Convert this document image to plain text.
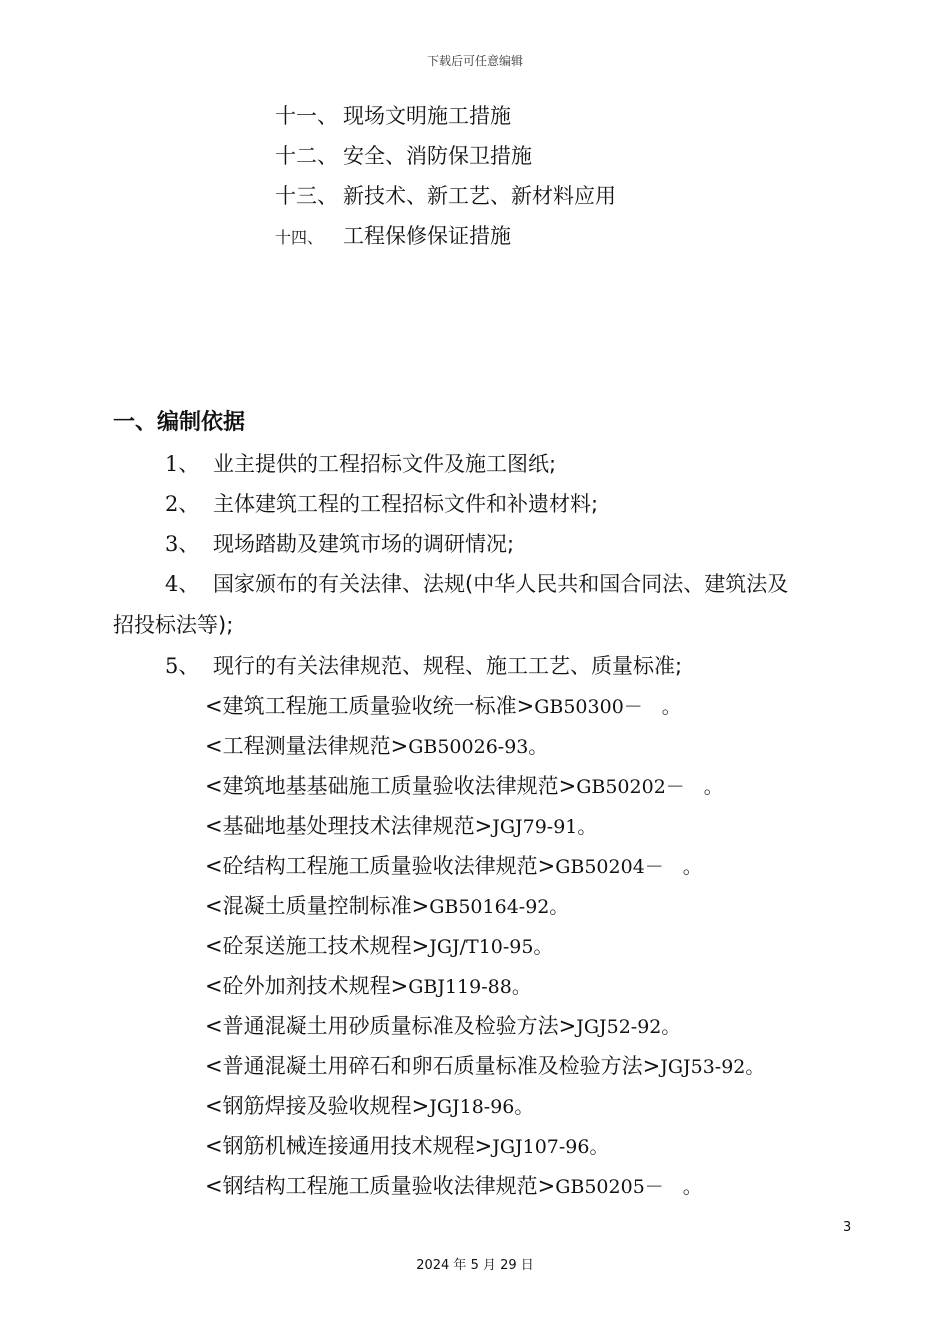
下载后可任意编辑
十一、 现场文明施工措施
十二、 安全、消防保卫措施
十三、 新技术、新工艺、新材料应用
十四、 工程保修保证措施
一、编制依据
1、 业主提供的工程招标文件及施工图纸;
2、 主体建筑工程的工程招标文件和补遗材料;
3、 现场踏勘及建筑市场的调研情况;
4、 国家颁布的有关法律、法规(中华人民共和国合同法、建筑法及
招投标法等);
5、 现行的有关法律规范、规程、施工工艺、质量标准;
<建筑工程施工质量验收统一标准>GB50300－　。
<工程测量法律规范>GB50026-93。
<建筑地基基础施工质量验收法律规范>GB50202－　。
<基础地基处理技术法律规范>JGJ79-91。
<砼结构工程施工质量验收法律规范>GB50204－　。
<混凝土质量控制标准>GB50164-92。
<砼泵送施工技术规程>JGJ/T10-95。
<砼外加剂技术规程>GBJ119-88。
<普通混凝土用砂质量标准及检验方法>JGJ52-92。
<普通混凝土用碎石和卵石质量标准及检验方法>JGJ53-92。
<钢筋焊接及验收规程>JGJ18-96。
<钢筋机械连接通用技术规程>JGJ107-96。
<钢结构工程施工质量验收法律规范>GB50205－　。
3
2024 年 5 月 29 日
